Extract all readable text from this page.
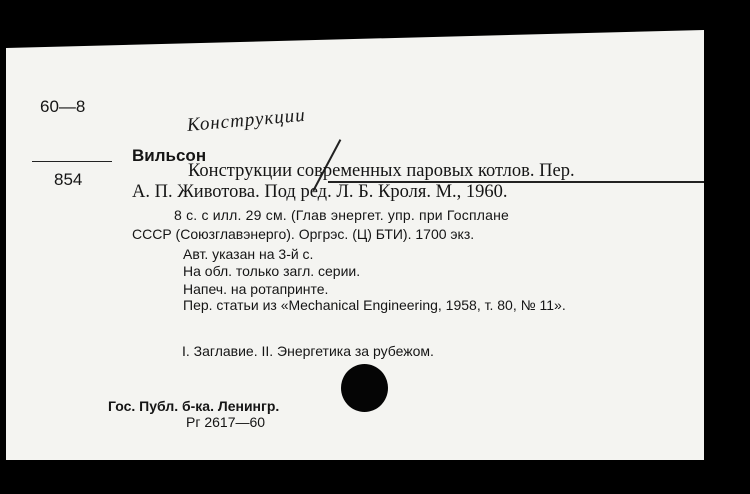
60—8
854
Конструкции
Вильсон
Конструкции современных паровых котлов. Пер.
А. П. Животова. Под ред. Л. Б. Кроля. М., 1960.
8 с. с илл. 29 см. (Глав энергет. упр. при Госплане
СССР (Союзглавэнерго). Оргрэс. (Ц) БТИ). 1700 экз.
Авт. указан на 3-й с.
На обл. только загл. серии.
Напеч. на ротапринте.
Пер. статьи из «Mechanical Engineering, 1958, т. 80, № 11».
I. Заглавие. II. Энергетика за рубежом.
Гос. Публ. б-ка. Ленингр.
Рг 2617—60
